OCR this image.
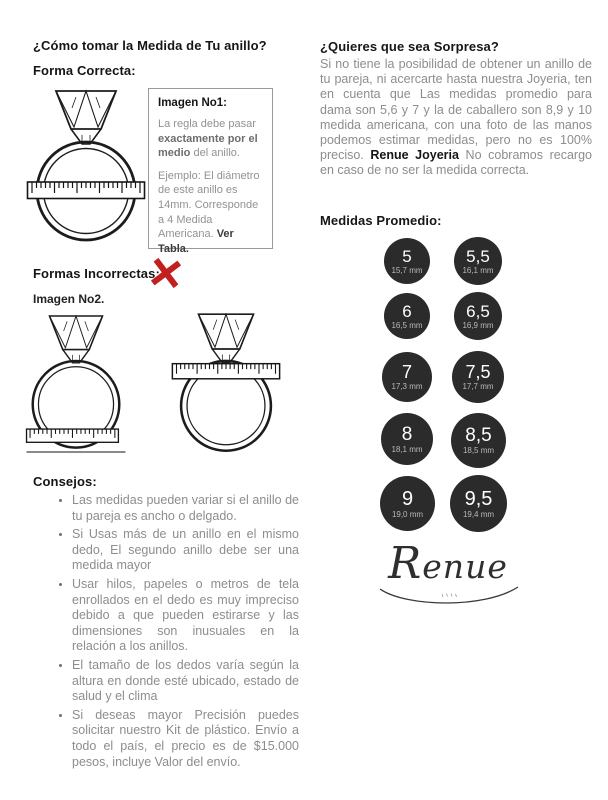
¿Cómo tomar la Medida de Tu anillo?
Forma Correcta:
Imagen No1:

La regla debe pasar exactamente por el medio del anillo.

Ejemplo: El diámetro de este anillo es 14mm. Corresponde a 4 Medida Americana. Ver Tabla.

Formas Incorrectas:
Imagen No2.
Consejos:
• Las medidas pueden variar si el anillo de tu pareja es ancho o delgado.
• Si Usas más de un anillo en el mismo dedo, El segundo anillo debe ser una medida mayor
• Usar hilos, papeles o metros de tela enrollados en el dedo es muy impreciso debido a que pueden estirarse y las dimensiones son inusuales en la relación a los anillos.
• El tamaño de los dedos varía según la altura en donde esté ubicado, estado de salud y el clima
• Si deseas mayor Precisión puedes solicitar nuestro Kit de plástico. Envío a todo el país, el precio es de $15.000 pesos, incluye Valor del envío.
¿Quieres que sea Sorpresa?

Si no tiene la posibilidad de obtener un anillo de tu pareja, ni acercarte hasta nuestra Joyeria, ten en cuenta que Las medidas promedio para dama son 5,6 y 7 y la de caballero son 8,9 y 10 medida americana, con una foto de las manos podemos estimar medidas, pero no es 100% preciso. Renue Joyeria No cobramos recargo en caso de no ser la medida correcta.

Medidas Promedio:
5
15,7 mm
5,5
16,1 mm
6
16,5 mm
6,5
16,9 mm
7
17,3 mm
7,5
17,7 mm
8
18,1 mm
8,5
18,5 mm
9
19,0 mm
9,5
19,4 mm
Renue
